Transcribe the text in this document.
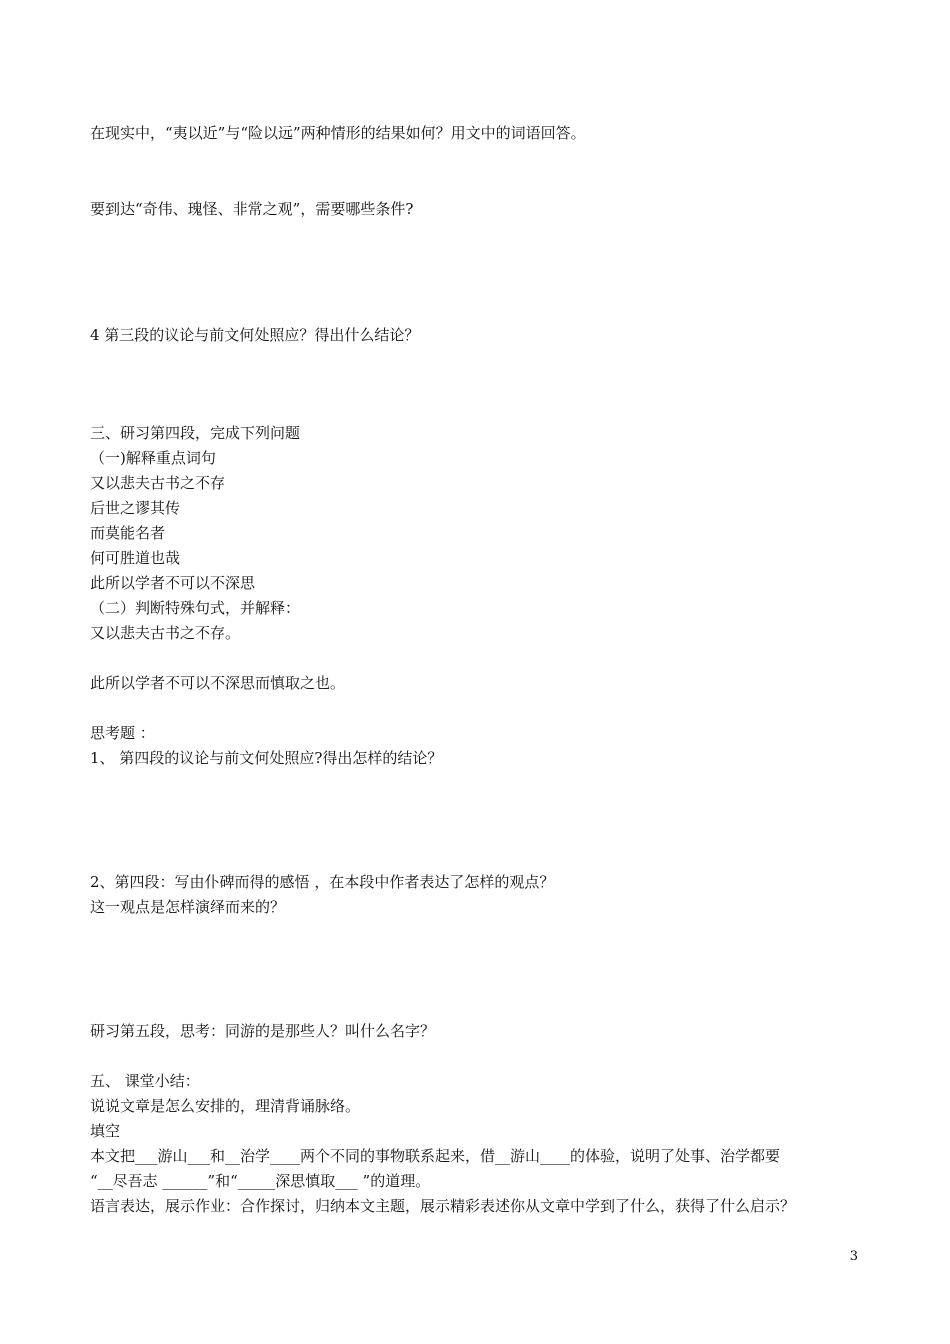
在现实中，“夷以近”与“险以远”两种情形的结果如何？用文中的词语回答。
要到达“奇伟、瑰怪、非常之观”，需要哪些条件?
4 第三段的议论与前文何处照应？得出什么结论？
三、研习第四段，完成下列问题
（一)解释重点词句
又以悲夫古书之不存
后世之谬其传
而莫能名者
何可胜道也哉
此所以学者不可以不深思
（二）判断特殊句式，并解释：
又以悲夫古书之不存。
此所以学者不可以不深思而慎取之也。
思考题 ：
1、 第四段的议论与前文何处照应?得出怎样的结论？
2、第四段：写由仆碑而得的感悟 ，在本段中作者表达了怎样的观点？
这一观点是怎样演绎而来的？
研习第五段，思考：同游的是那些人？叫什么名字？
五、 课堂小结：
说说文章是怎么安排的，理清背诵脉络。
填空
本文把___游山___和__治学____两个不同的事物联系起来，借__游山____的体验，说明了处事、治学都要
“__尽吾志 ______”和“_____深思慎取___ ”的道理。
语言表达，展示作业：合作探讨，归纳本文主题，展示精彩表述你从文章中学到了什么，获得了什么启示？
3
